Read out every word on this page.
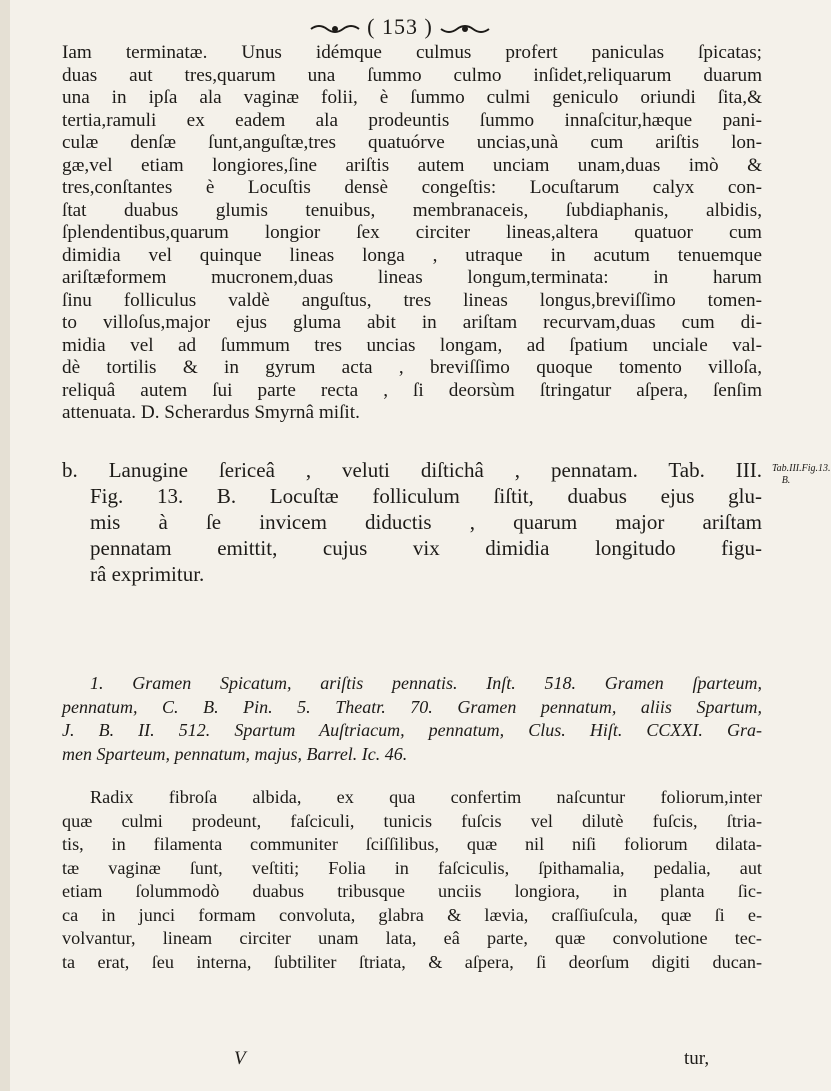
( 153 )
Iam terminatæ. Unus idémque culmus profert paniculas ſpicatas;
duas aut tres,quarum una ſummo culmo inſidet,reliquarum duarum
una in ipſa ala vaginæ folii, è ſummo culmi geniculo oriundi ſita,&
tertia,ramuli ex eadem ala prodeuntis ſummo innaſcitur,hæque pani-
culæ denſæ ſunt,anguſtæ,tres quatuórve uncias,unà cum ariſtis lon-
gæ,vel etiam longiores,ſine ariſtis autem unciam unam,duas imò &
tres,conſtantes è Locuſtis densè congeſtis: Locuſtarum calyx con-
ſtat duabus glumis tenuibus, membranaceis, ſubdiaphanis, albidis,
ſplendentibus,quarum longior ſex circiter lineas,altera quatuor cum
dimidia vel quinque lineas longa , utraque in acutum tenuemque
ariſtæformem mucronem,duas lineas longum,terminata: in harum
ſinu folliculus valdè anguſtus, tres lineas longus,breviſſimo tomen-
to villoſus,major ejus gluma abit in ariſtam recurvam,duas cum di-
midia vel ad ſummum tres uncias longam, ad ſpatium unciale val-
dè tortilis & in gyrum acta , breviſſimo quoque tomento villoſa,
reliquâ autem ſui parte recta , ſi deorsùm ſtringatur aſpera, ſenſim
attenuata. D. Scherardus Smyrnâ miſit.
b. Lanugine ſericeâ , veluti diſtichâ , pennatam. Tab. III.
Fig. 13. B. Locuſtæ folliculum ſiſtit, duabus ejus glu-
mis à ſe invicem diductis , quarum major ariſtam
pennatam emittit, cujus vix dimidia longitudo figu-
râ exprimitur.
Tab.III.Fig.13. B.
1. Gramen Spicatum, ariſtis pennatis. Inſt. 518. Gramen ſparteum,
pennatum, C. B. Pin. 5. Theatr. 70. Gramen pennatum, aliis Spartum,
J. B. II. 512. Spartum Auſtriacum, pennatum, Clus. Hiſt. CCXXI. Gra-
men Sparteum, pennatum, majus, Barrel. Ic. 46.
Radix fibroſa albida, ex qua confertim naſcuntur foliorum,inter
quæ culmi prodeunt, faſciculi, tunicis fuſcis vel dilutè fuſcis, ſtria-
tis, in filamenta communiter ſciſſilibus, quæ nil niſi foliorum dilata-
tæ vaginæ ſunt, veſtiti; Folia in faſciculis, ſpithamalia, pedalia, aut
etiam ſolummodò duabus tribusque unciis longiora, in planta ſic-
ca in junci formam convoluta, glabra & lævia, craſſiuſcula, quæ ſi e-
volvantur, lineam circiter unam lata, eâ parte, quæ convolutione tec-
ta erat, ſeu interna, ſubtiliter ſtriata, & aſpera, ſi deorſum digiti ducan-
V	tur,
